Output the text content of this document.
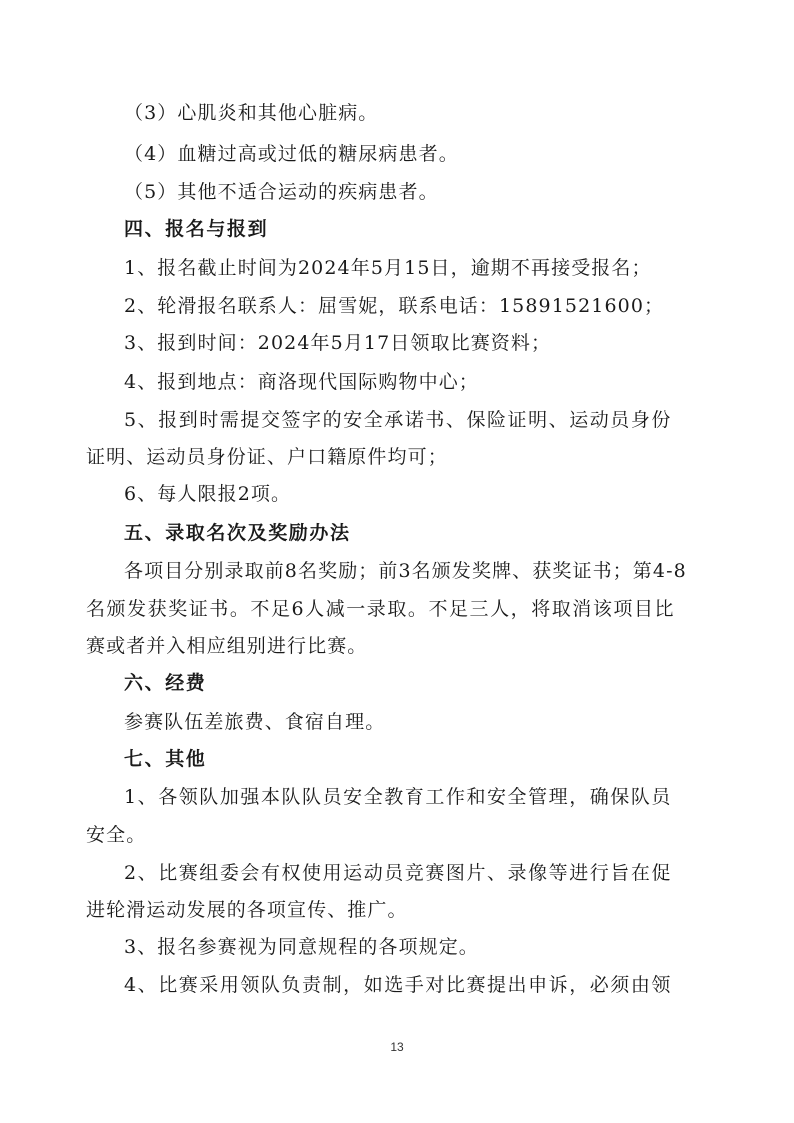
（3）心肌炎和其他心脏病。
（4）血糖过高或过低的糖尿病患者。
（5）其他不适合运动的疾病患者。
四、报名与报到
1、报名截止时间为2024年5月15日，逾期不再接受报名；
2、轮滑报名联系人：屈雪妮，联系电话：15891521600；
3、报到时间：2024年5月17日领取比赛资料；
4、报到地点：商洛现代国际购物中心；
5、报到时需提交签字的安全承诺书、保险证明、运动员身份
证明、运动员身份证、户口籍原件均可；
6、每人限报2项。
五、录取名次及奖励办法
各项目分别录取前8名奖励；前3名颁发奖牌、获奖证书；第4-8
名颁发获奖证书。不足6人减一录取。不足三人，将取消该项目比
赛或者并入相应组别进行比赛。
六、经费
参赛队伍差旅费、食宿自理。
七、其他
1、各领队加强本队队员安全教育工作和安全管理，确保队员
安全。
2、比赛组委会有权使用运动员竞赛图片、录像等进行旨在促
进轮滑运动发展的各项宣传、推广。
3、报名参赛视为同意规程的各项规定。
4、比赛采用领队负责制，如选手对比赛提出申诉，必须由领
13
